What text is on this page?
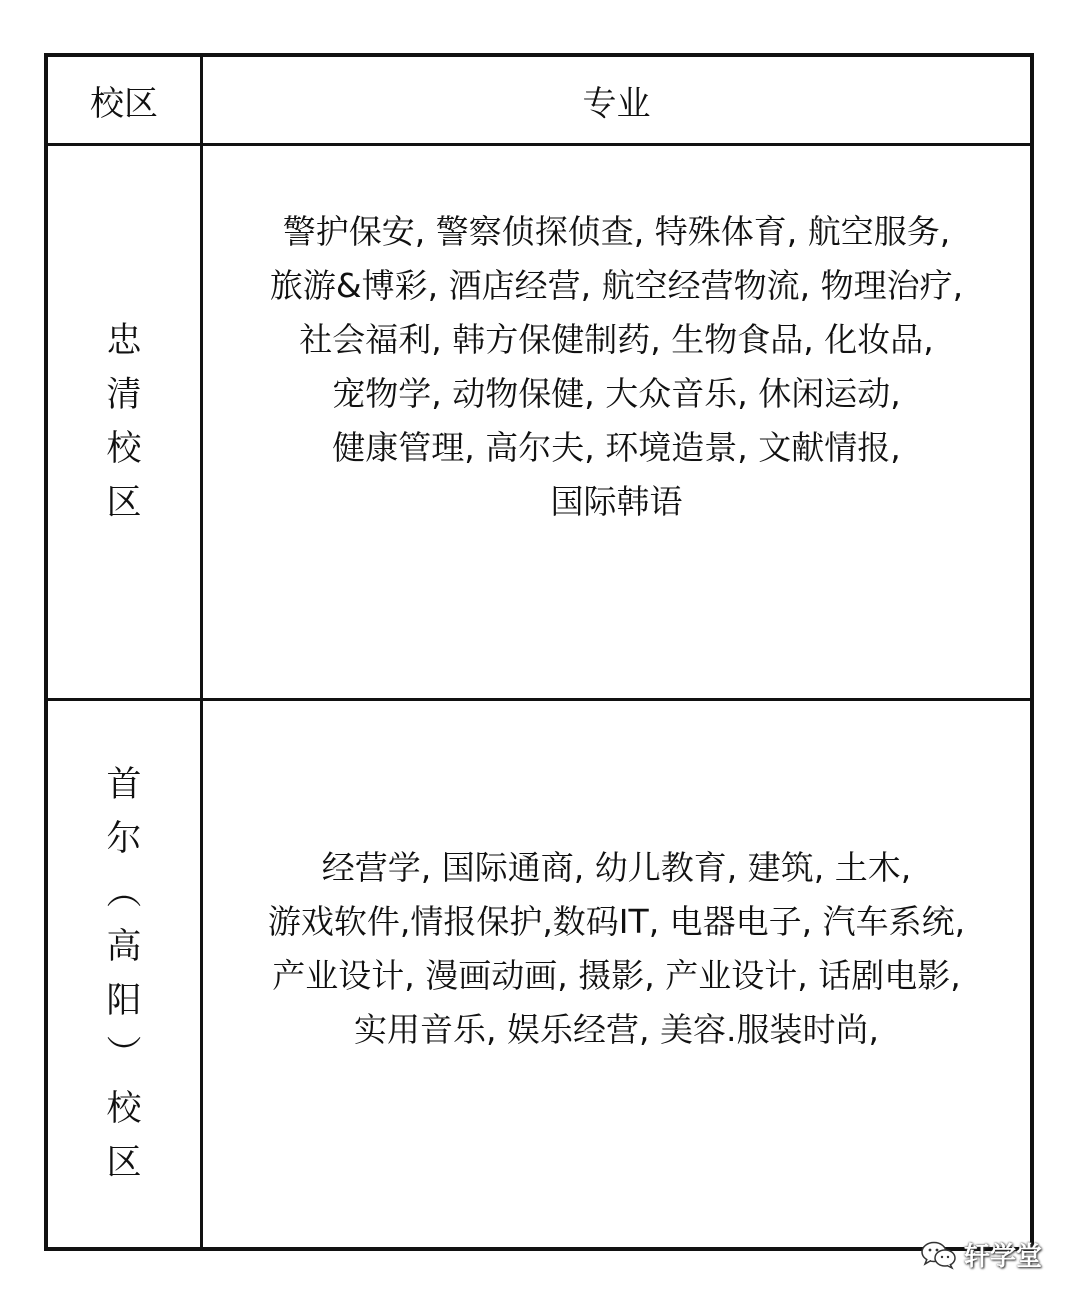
校区	专业
忠
清
校
区
警护保安, 警察侦探侦查, 特殊体育, 航空服务,
旅游&博彩, 酒店经营, 航空经营物流, 物理治疗,
社会福利, 韩方保健制药, 生物食品, 化妆品,
宠物学, 动物保健, 大众音乐, 休闲运动,
健康管理, 高尔夫, 环境造景, 文献情报,
国际韩语
首
尔
︵
高
阳
︶
校
区
经营学, 国际通商, 幼儿教育, 建筑, 土木,
游戏软件,情报保护,数码IT, 电器电子, 汽车系统,
产业设计, 漫画动画, 摄影, 产业设计, 话剧电影,
实用音乐, 娱乐经营, 美容.服装时尚,
轩学堂
